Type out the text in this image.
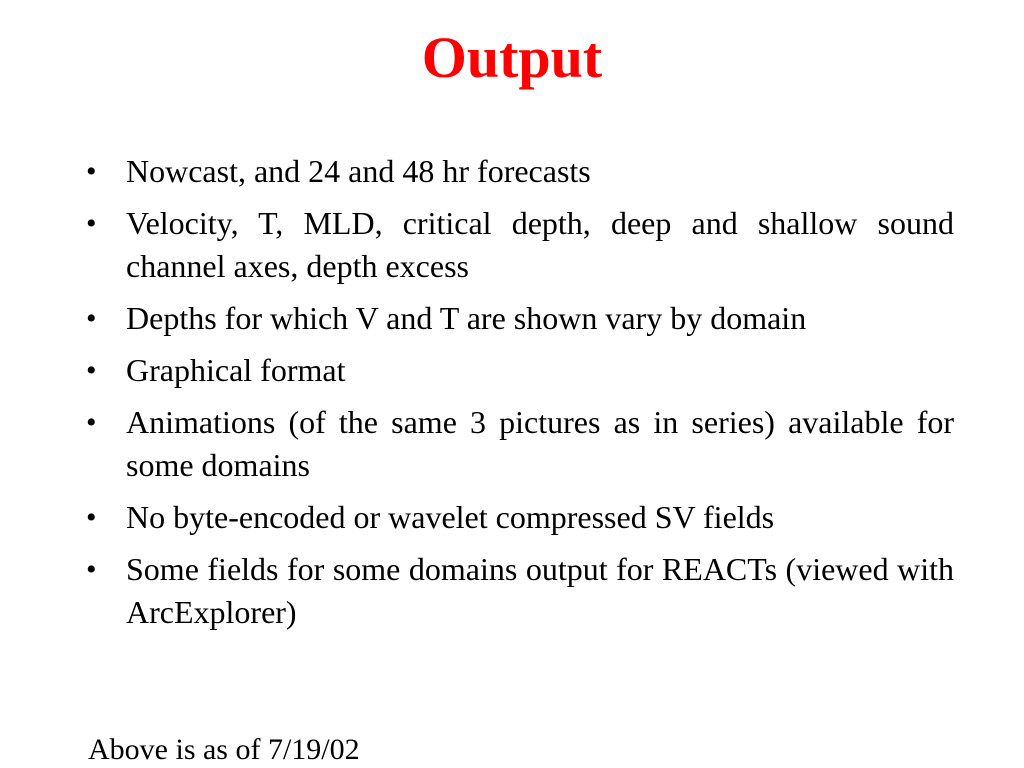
Output
• Nowcast, and 24 and 48 hr forecasts
• Velocity, T, MLD, critical depth, deep and shallow sound channel axes, depth excess
• Depths for which V and T are shown vary by domain
• Graphical format
• Animations (of the same 3 pictures as in series) available for some domains
• No byte-encoded or wavelet compressed SV fields
• Some fields for some domains output for REACTs (viewed with ArcExplorer)
Above is as of 7/19/02
